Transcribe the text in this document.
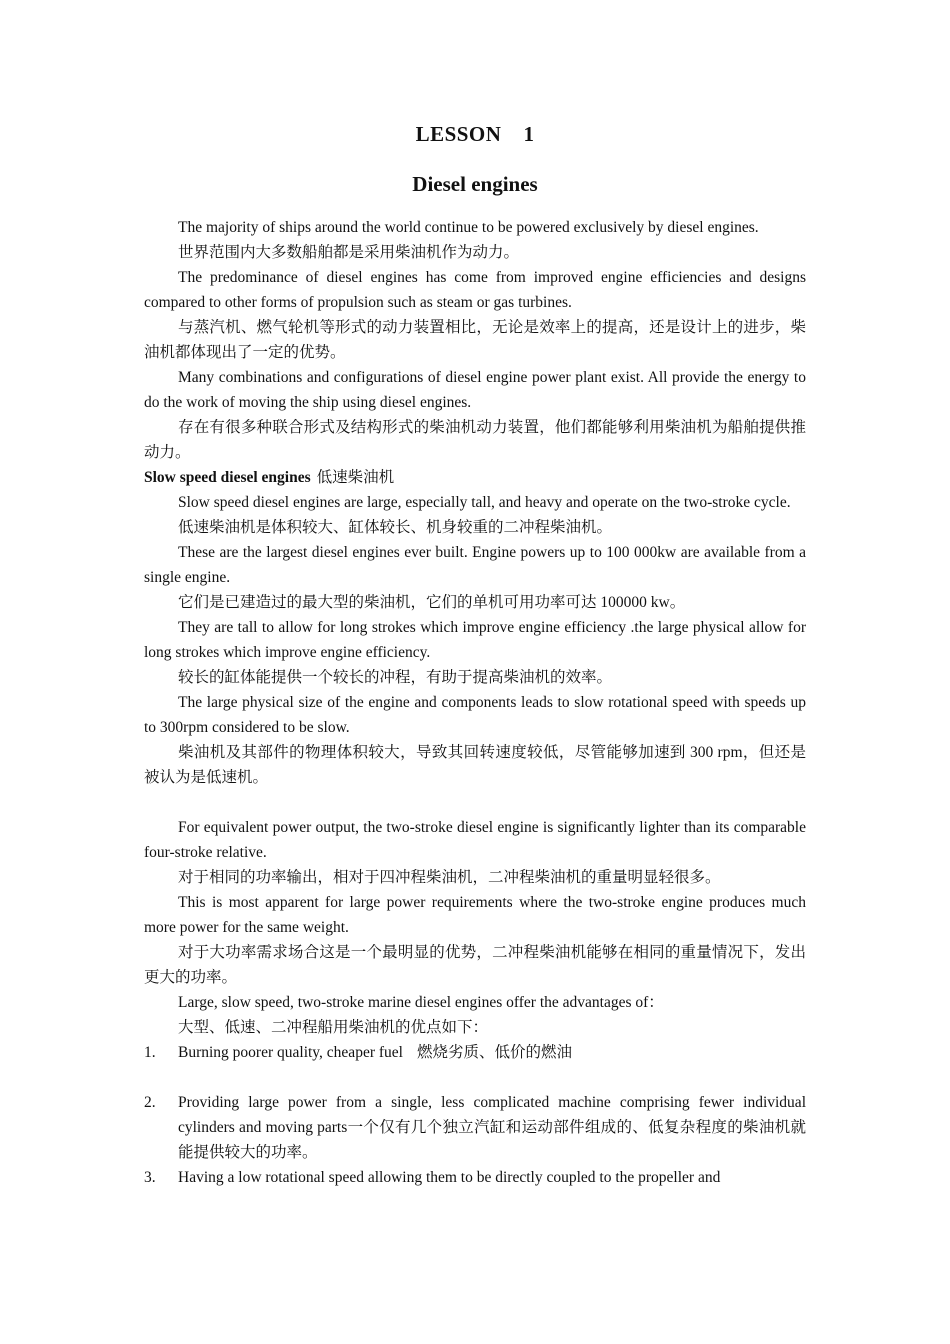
LESSON 1
Diesel engines

The majority of ships around the world continue to be powered exclusively by diesel engines.

世界范围内大多数船舶都是采用柴油机作为动力。

The predominance of diesel engines has come from improved engine efficiencies and designs compared to other forms of propulsion such as steam or gas turbines.

与蒸汽机、燃气轮机等形式的动力装置相比，无论是效率上的提高，还是设计上的进步，柴油机都体现出了一定的优势。

Many combinations and configurations of diesel engine power plant exist. All provide the energy to do the work of moving the ship using diesel engines.

存在有很多种联合形式及结构形式的柴油机动力装置，他们都能够利用柴油机为船舶提供推动力。

Slow speed diesel engines 低速柴油机

Slow speed diesel engines are large, especially tall, and heavy and operate on the two-stroke cycle.

低速柴油机是体积较大、缸体较长、机身较重的二冲程柴油机。

These are the largest diesel engines ever built. Engine powers up to 100 000kw are available from a single engine.

它们是已建造过的最大型的柴油机，它们的单机可用功率可达 100000 kw。

They are tall to allow for long strokes which improve engine efficiency .the large physical allow for long strokes which improve engine efficiency.

较长的缸体能提供一个较长的冲程，有助于提高柴油机的效率。

The large physical size of the engine and components leads to slow rotational speed with speeds up to 300rpm considered to be slow.

柴油机及其部件的物理体积较大，导致其回转速度较低，尽管能够加速到 300 rpm，但还是被认为是低速机。

For equivalent power output, the two-stroke diesel engine is significantly lighter than its comparable four-stroke relative.

对于相同的功率输出，相对于四冲程柴油机，二冲程柴油机的重量明显轻很多。

This is most apparent for large power requirements where the two-stroke engine produces much more power for the same weight.

对于大功率需求场合这是一个最明显的优势，二冲程柴油机能够在相同的重量情况下，发出更大的功率。

Large, slow speed, two-stroke marine diesel engines offer the advantages of：

大型、低速、二冲程船用柴油机的优点如下：

1. Burning poorer quality, cheaper fuel 燃烧劣质、低价的燃油

2. Providing large power from a single, less complicated machine comprising fewer individual cylinders and moving parts一个仅有几个独立汽缸和运动部件组成的、低复杂程度的柴油机就能提供较大的功率。

3. Having a low rotational speed allowing them to be directly coupled to the propeller and
